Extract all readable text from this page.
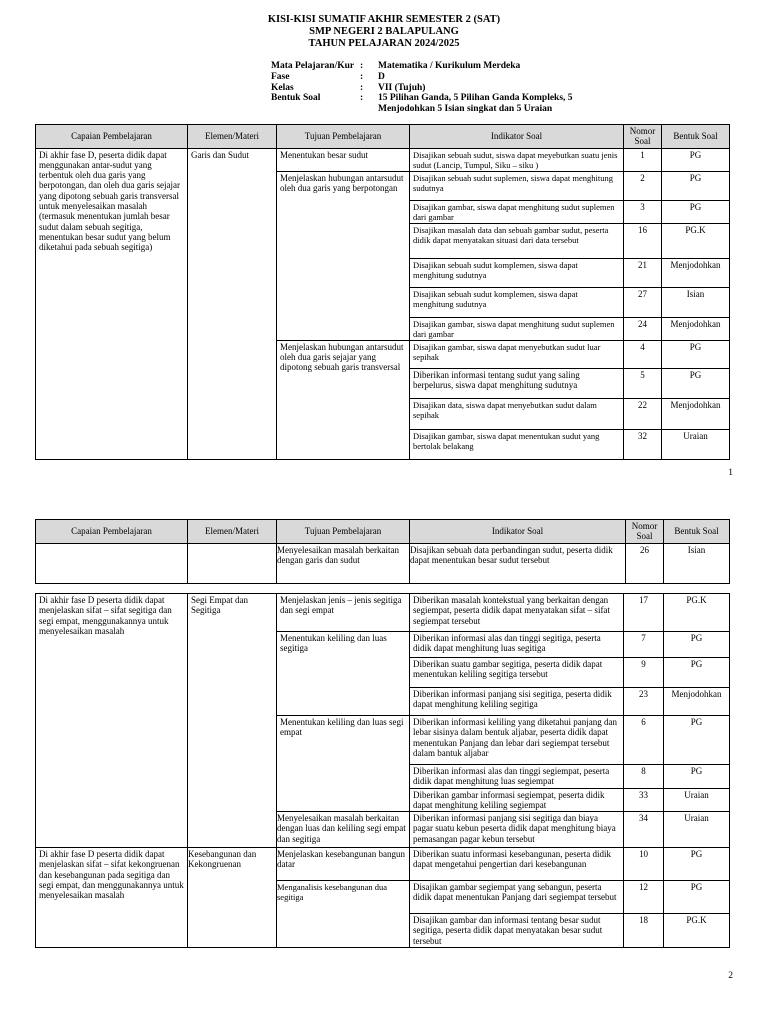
KISI-KISI SUMATIF AKHIR SEMESTER 2 (SAT)
SMP NEGERI 2 BALAPULANG
TAHUN PELAJARAN 2024/2025
Mata Pelajaran/Kur :	Matematika / Kurikulum Merdeka
Fase	:	D
Kelas	:	VII (Tujuh)
Bentuk Soal	:	15 Pilihan Ganda, 5 Pilihan Ganda Kompleks, 5 Menjodohkan 5 Isian singkat dan 5 Uraian
Capaian Pembelajaran	Elemen/Materi	Tujuan Pembelajaran	Indikator Soal	Nomor Soal	Bentuk Soal
Di akhir fase D, peserta didik dapat menggunakan antar-sudut yang terbentuk oleh dua garis yang berpotongan, dan oleh dua garis sejajar yang dipotong sebuah garis transversal untuk menyelesaikan masalah (termasuk menentukan jumlah besar sudut dalam sebuah segitiga, menentukan besar sudut yang belum diketahui pada sebuah segitiga)	Garis dan Sudut	Menentukan besar sudut	Disajikan sebuah sudut, siswa dapat meyebutkan suatu jenis sudut (Lancip, Tumpul, Siku – siku )	1	PG
		Menjelaskan hubungan antarsudut oleh dua garis yang berpotongan	Disajikan sebuah sudut suplemen, siswa dapat menghitung sudutnya	2	PG
			Disajikan gambar, siswa dapat menghitung sudut suplemen dari gambar	3	PG
			Disajikan masalah data dan sebuah gambar sudut, peserta didik dapat menyatakan situasi dari data tersebut	16	PG.K
			Disajikan sebuah sudut komplemen, siswa dapat menghitung sudutnya	21	Menjodohkan
			Disajikan sebuah sudut komplemen, siswa dapat menghitung sudutnya	27	Isian
			Disajikan gambar, siswa dapat menghitung sudut suplemen dari gambar	24	Menjodohkan
		Menjelaskan hubungan antarsudut oleh dua garis sejajar yang dipotong sebuah garis transversal	Disajikan gambar, siswa dapat menyebutkan sudut luar sepihak	4	PG
			Diberikan informasi tentang sudut yang saling berpelurus, siswa dapat menghitung sudutnya	5	PG
			Disajikan data, siswa dapat menyebutkan sudut dalam sepihak	22	Menjodohkan
			Disajikan gambar, siswa dapat menentukan sudut yang bertolak belakang	32	Uraian
1
Capaian Pembelajaran	Elemen/Materi	Tujuan Pembelajaran	Indikator Soal	Nomor Soal	Bentuk Soal
		Menyelesaikan masalah berkaitan dengan garis dan sudut	Disajikan sebuah data perbandingan sudut, peserta didik dapat menentukan besar sudut tersebut	26	Isian
Di akhir fase D peserta didik dapat menjelaskan sifat – sifat segitiga dan segi empat, menggunakannya untuk menyelesaikan masalah	Segi Empat dan Segitiga	Menjelaskan jenis – jenis segitiga dan segi empat	Diberikan masalah kontekstual yang berkaitan dengan segiempat, peserta didik dapat menyatakan sifat – sifat segiempat tersebut	17	PG.K
		Menentukan keliling dan luas segitiga	Diberikan informasi alas dan tinggi segitiga, peserta didik dapat menghitung luas segitiga	7	PG
			Diberikan suatu gambar segitiga, peserta didik dapat menentukan keliling segitiga tersebut	9	PG
			Diberikan informasi panjang sisi segitiga, peserta didik dapat menghitung keliling segitiga	23	Menjodohkan
		Menentukan keliling dan luas segi empat	Diberikan informasi keliling yang diketahui panjang dan lebar sisinya dalam bentuk aljabar, peserta didik dapat menentukan Panjang dan lebar dari segiempat tersebut dalam bantuk aljabar	6	PG
			Diberikan informasi alas dan tinggi segiempat, peserta didik dapat menghitung luas segiempat	8	PG
			Diberikan gambar informasi segiempat, peserta didik dapat menghitung keliling segiempat	33	Uraian
		Menyelesaikan masalah berkaitan dengan luas dan keliling segi empat dan segitiga	Diberikan informasi panjang sisi segitiga dan biaya pagar suatu kebun peserta didik dapat menghitung biaya pemasangan pagar kebun tersebut	34	Uraian
Di akhir fase D peserta didik dapat menjelaskan sifat – sifat kekongruenan dan kesebangunan pada segitiga dan segi empat, dan menggunakannya untuk menyelesaikan masalah	Kesebangunan dan Kekongruenan	Menjelaskan kesebangunan bangun datar	Diberikan suatu informasi kesebangunan, peserta didik dapat mengetahui pengertian dari kesebangunan	10	PG
		Menganalisis kesebangunan dua segitiga	Disajikan gambar segiempat yang sebangun, peserta didik dapat menentukan Panjang dari segiempat tersebut	12	PG
			Disajikan gambar dan informasi tentang besar sudut segitiga, peserta didik dapat menyatakan besar sudut tersebut	18	PG.K
2
